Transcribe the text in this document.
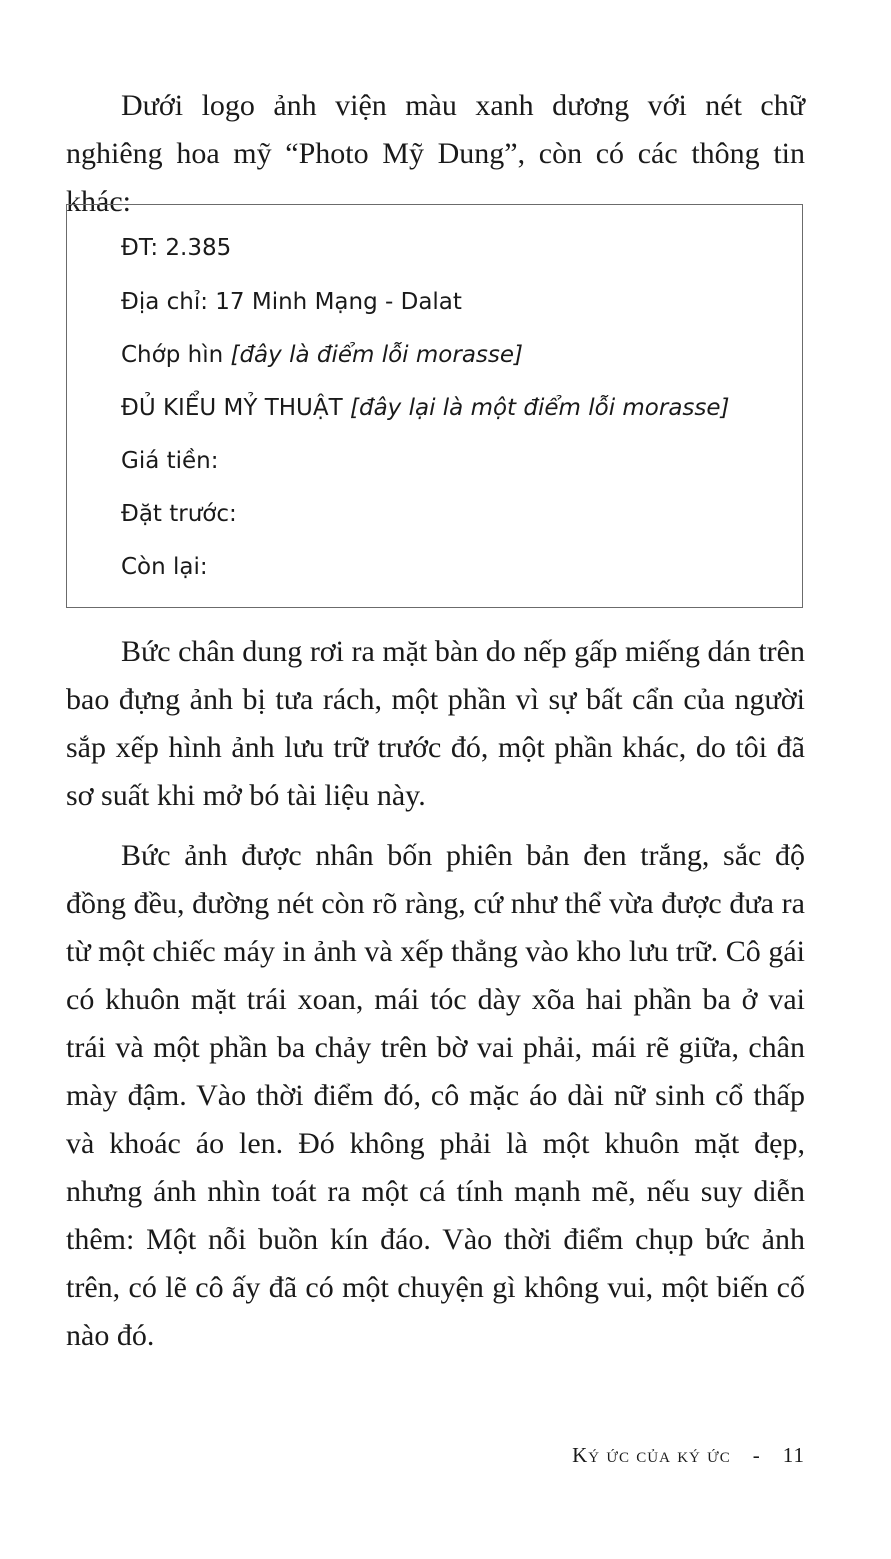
Dưới logo ảnh viện màu xanh dương với nét chữ nghiêng hoa mỹ “Photo Mỹ Dung”, còn có các thông tin khác:

ĐT: 2.385
Địa chỉ: 17 Minh Mạng - Dalat
Chớp hìn [đây là điểm lỗi morasse]
ĐỦ KIỂU MỶ THUẬT [đây lại là một điểm lỗi morasse]
Giá tiền:
Đặt trước:
Còn lại:

Bức chân dung rơi ra mặt bàn do nếp gấp miếng dán trên bao đựng ảnh bị tưa rách, một phần vì sự bất cẩn của người sắp xếp hình ảnh lưu trữ trước đó, một phần khác, do tôi đã sơ suất khi mở bó tài liệu này.

Bức ảnh được nhân bốn phiên bản đen trắng, sắc độ đồng đều, đường nét còn rõ ràng, cứ như thể vừa được đưa ra từ một chiếc máy in ảnh và xếp thẳng vào kho lưu trữ. Cô gái có khuôn mặt trái xoan, mái tóc dày xõa hai phần ba ở vai trái và một phần ba chảy trên bờ vai phải, mái rẽ giữa, chân mày đậm. Vào thời điểm đó, cô mặc áo dài nữ sinh cổ thấp và khoác áo len. Đó không phải là một khuôn mặt đẹp, nhưng ánh nhìn toát ra một cá tính mạnh mẽ, nếu suy diễn thêm: Một nỗi buồn kín đáo. Vào thời điểm chụp bức ảnh trên, có lẽ cô ấy đã có một chuyện gì không vui, một biến cố nào đó.

Ký ức của ký ức - 11
